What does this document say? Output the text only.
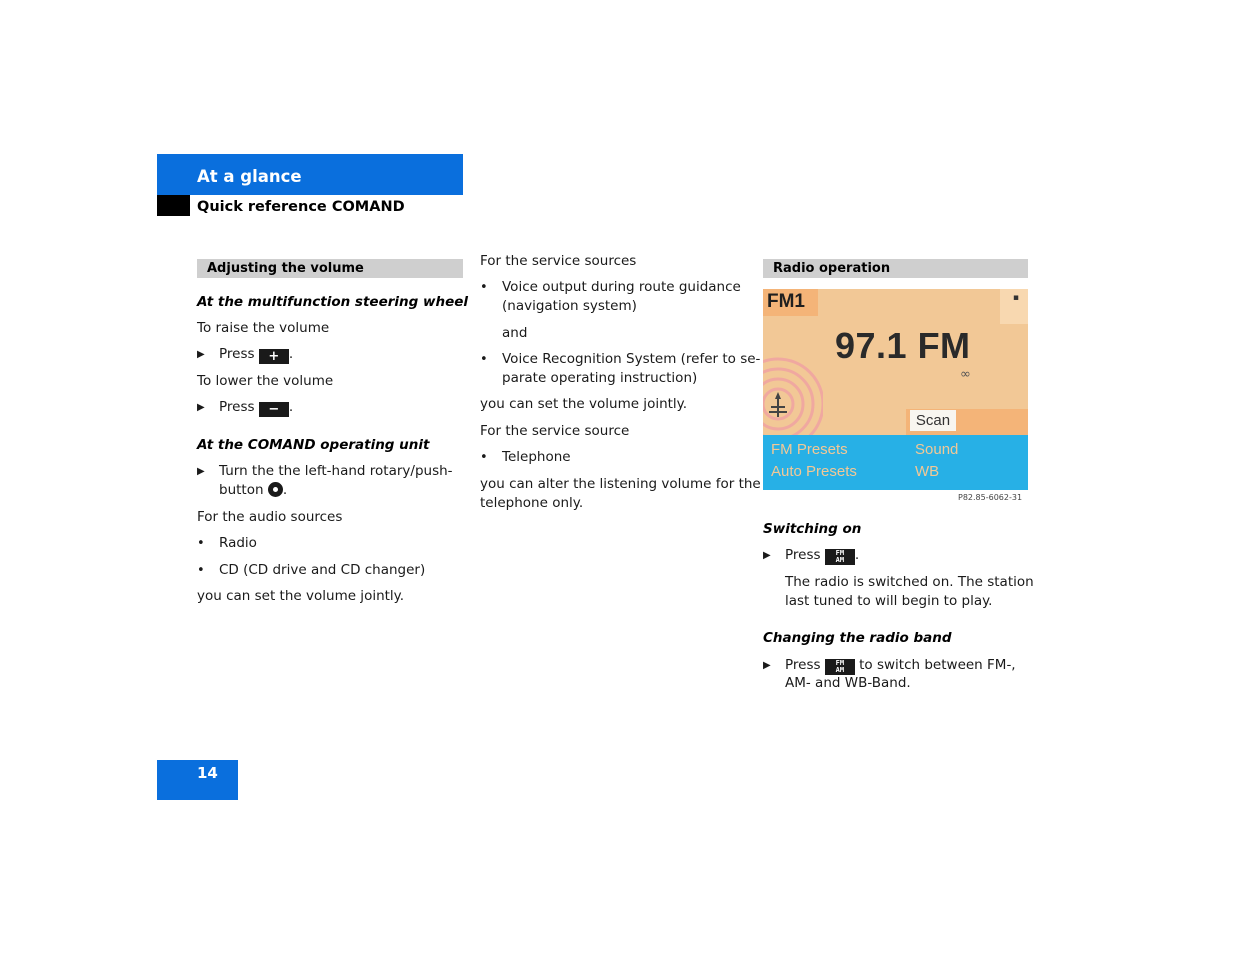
At a glance
Quick reference COMAND
Adjusting the volume
At the multifunction steering wheel
To raise the volume
▶ Press + .
To lower the volume
▶ Press − .
At the COMAND operating unit
▶ Turn the the left-hand rotary/push-
button .
For the audio sources
• Radio
• CD (CD drive and CD changer)
you can set the volume jointly.
For the service sources
• Voice output during route guidance
(navigation system)
and
• Voice Recognition System (refer to se-
parate operating instruction)
you can set the volume jointly.
For the service source
• Telephone
you can alter the listening volume for the
telephone only.
Radio operation
FM1	▪
97.1 FM
∞
Scan
FM Presets	Sound
Auto Presets	WB
P82.85-6062-31
Switching on
▶ Press FM
AM .
The radio is switched on. The station
last tuned to will begin to play.
Changing the radio band
▶ Press FM
AM to switch between FM-,
AM- and WB-Band.
14
